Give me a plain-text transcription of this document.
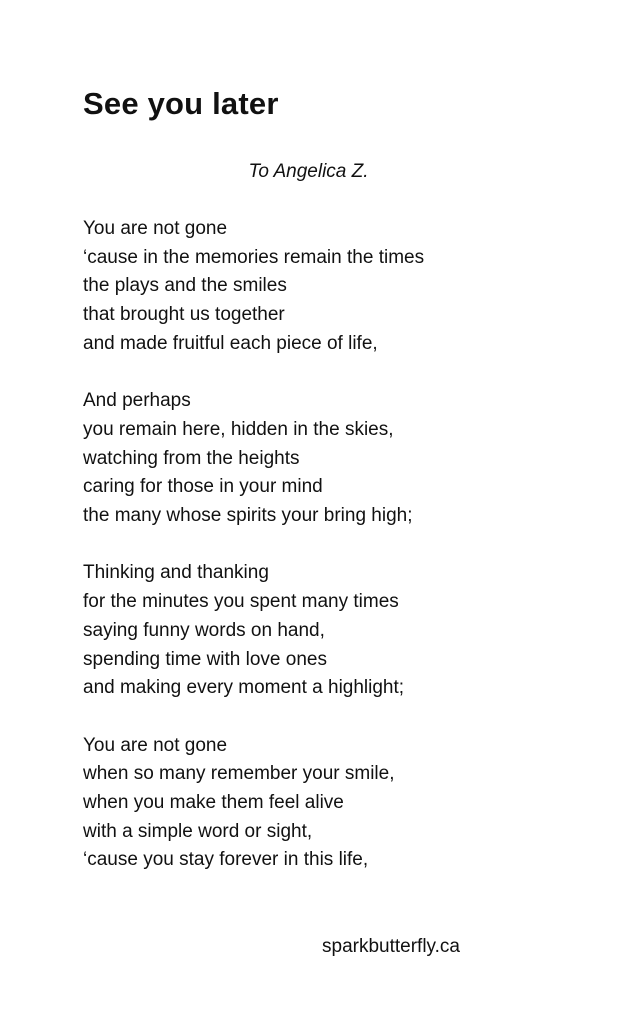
See you later
To Angelica Z.

You are not gone
‘cause in the memories remain the times
the plays and the smiles
that brought us together
and made fruitful each piece of life,

And perhaps
you remain here, hidden in the skies,
watching from the heights
caring for those in your mind
the many whose spirits your bring high;

Thinking and thanking
for the minutes you spent many times
saying funny words on hand,
spending time with love ones
and making every moment a highlight;

You are not gone
when so many remember your smile,
when you make them feel alive
with a simple word or sight,
‘cause you stay forever in this life,

sparkbutterfly.ca
